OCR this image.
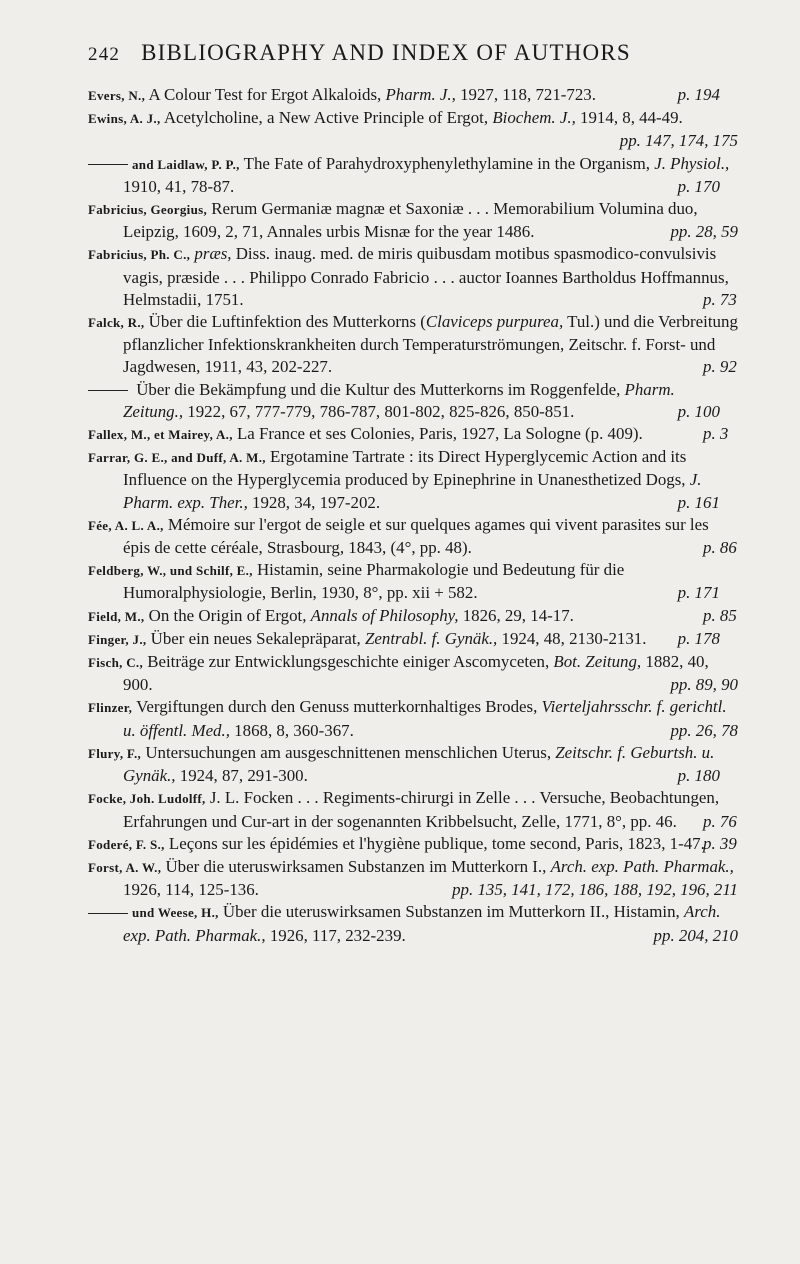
242 BIBLIOGRAPHY AND INDEX OF AUTHORS

Evers, N., A Colour Test for Ergot Alkaloids, Pharm. J., 1927, 118, 721-723.	p. 194

Ewins, A. J., Acetylcholine, a New Active Principle of Ergot, Biochem. J., 1914, 8, 44-49.
pp. 147, 174, 175

and Laidlaw, P. P., The Fate of Parahydroxyphenylethylamine in the Organism, J. Physiol., 1910, 41, 78-87.	p. 170

Fabricius, Georgius, Rerum Germaniæ magnæ et Saxoniæ . . . Memorabilium Volumina duo, Leipzig, 1609, 2, 71, Annales urbis Misnæ for the year 1486.	pp. 28, 59

Fabricius, Ph. C., præs, Diss. inaug. med. de miris quibusdam motibus spasmodico-convulsivis vagis, præside . . . Philippo Conrado Fabricio . . . auctor Ioannes Bartholdus Hoffmannus, Helmstadii, 1751.	p. 73

Falck, R., Über die Luftinfektion des Mutterkorns (Claviceps purpurea, Tul.) und die Verbreitung pflanzlicher Infektionskrankheiten durch Temperaturströmungen, Zeitschr. f. Forst- und Jagdwesen, 1911, 43, 202-227.	p. 92

Über die Bekämpfung und die Kultur des Mutterkorns im Roggenfelde, Pharm. Zeitung., 1922, 67, 777-779, 786-787, 801-802, 825-826, 850-851.	p. 100

Fallex, M., et Mairey, A., La France et ses Colonies, Paris, 1927, La Sologne (p. 409).	p. 3

Farrar, G. E., and Duff, A. M., Ergotamine Tartrate : its Direct Hyperglycemic Action and its Influence on the Hyperglycemia produced by Epinephrine in Unanesthetized Dogs, J. Pharm. exp. Ther., 1928, 34, 197-202.	p. 161

Fée, A. L. A., Mémoire sur l'ergot de seigle et sur quelques agames qui vivent parasites sur les épis de cette céréale, Strasbourg, 1843, (4°, pp. 48).	p. 86

Feldberg, W., und Schilf, E., Histamin, seine Pharmakologie und Bedeutung für die Humoralphysiologie, Berlin, 1930, 8°, pp. xii + 582.	p. 171

Field, M., On the Origin of Ergot, Annals of Philosophy, 1826, 29, 14-17.	p. 85

Finger, J., Über ein neues Sekalepräparat, Zentrabl. f. Gynäk., 1924, 48, 2130-2131. p. 178

Fisch, C., Beiträge zur Entwicklungsgeschichte einiger Ascomyceten, Bot. Zeitung, 1882, 40, 900.	pp. 89, 90

Flinzer, Vergiftungen durch den Genuss mutterkornhaltiges Brodes, Vierteljahrsschr. f. gerichtl. u. öffentl. Med., 1868, 8, 360-367.	pp. 26, 78

Flury, F., Untersuchungen am ausgeschnittenen menschlichen Uterus, Zeitschr. f. Geburtsh. u. Gynäk., 1924, 87, 291-300.	p. 180

Focke, Joh. Ludolff, J. L. Focken . . . Regiments-chirurgi in Zelle . . . Versuche, Beobachtungen, Erfahrungen und Cur-art in der sogenannten Kribbelsucht, Zelle, 1771, 8°, pp. 46. p. 76

Foderé, F. S., Leçons sur les épidémies et l'hygiène publique, tome second, Paris, 1823, 1-47.
p. 39

Forst, A. W., Über die uteruswirksamen Substanzen im Mutterkorn I., Arch. exp. Path. Pharmak., 1926, 114, 125-136.	pp. 135, 141, 172, 186, 188, 192, 196, 211

und Weese, H., Über die uteruswirksamen Substanzen im Mutterkorn II., Histamin, Arch. exp. Path. Pharmak., 1926, 117, 232-239.	pp. 204, 210
